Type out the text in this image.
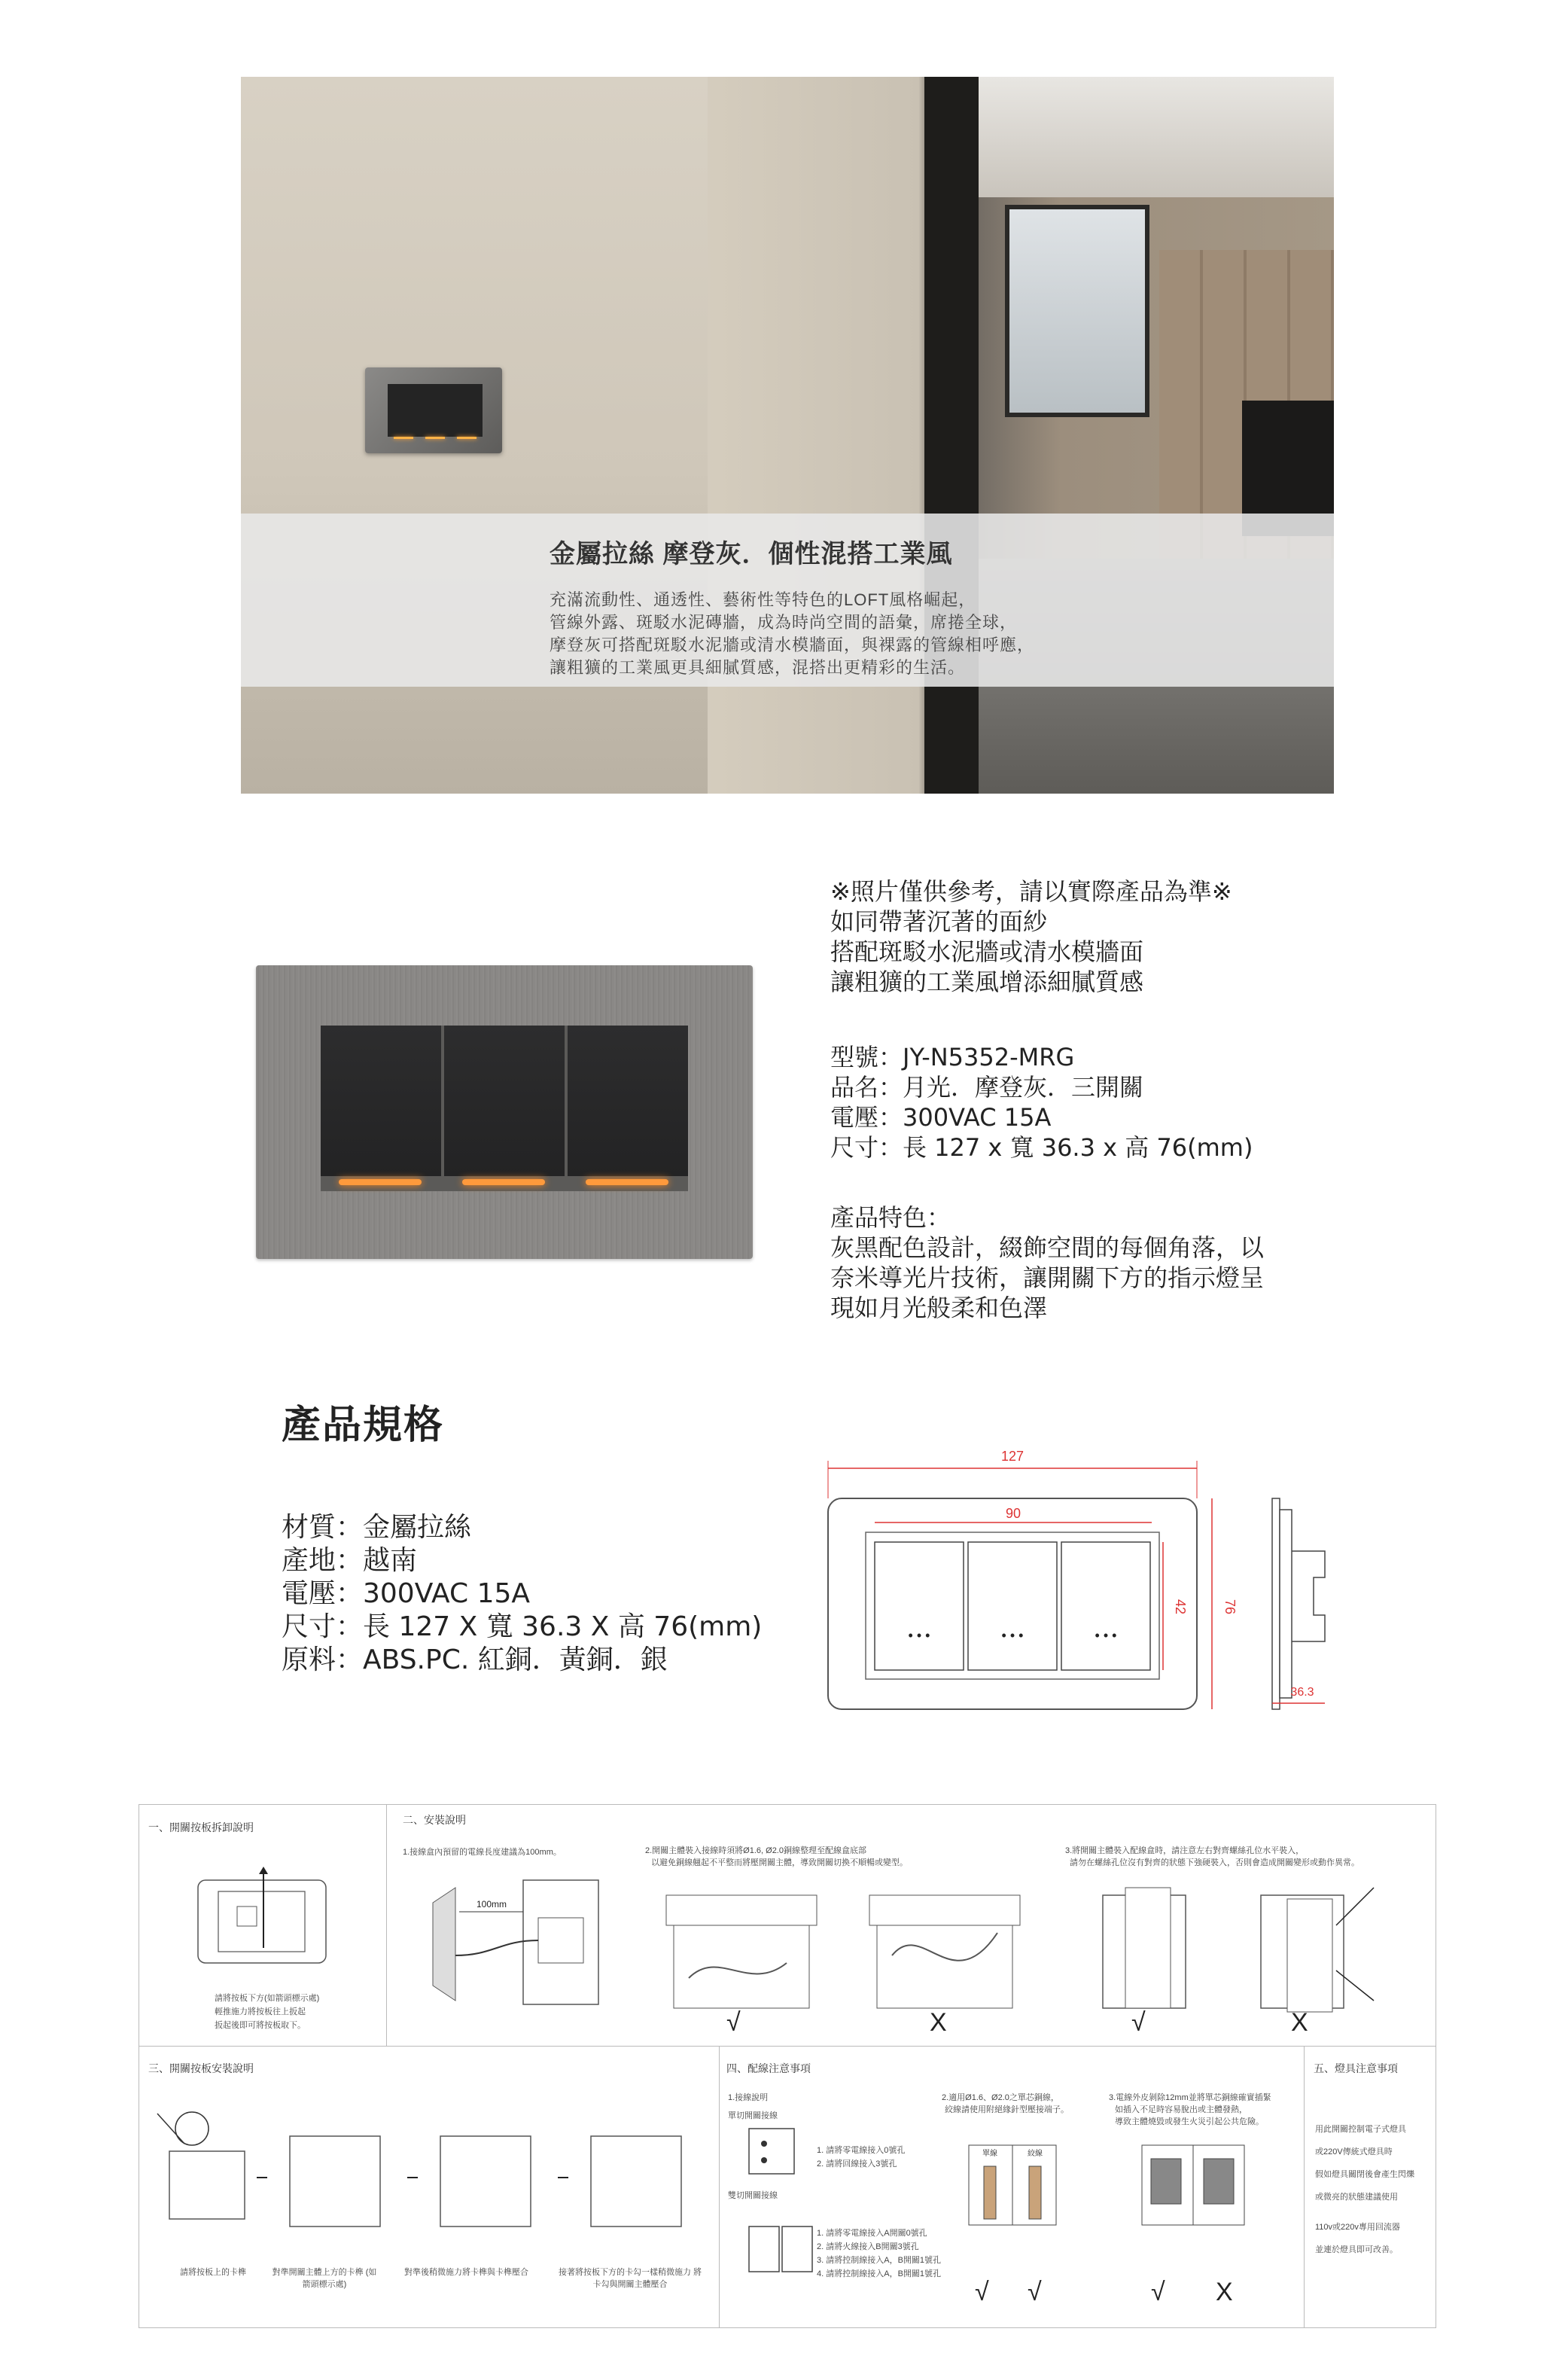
金屬拉絲 摩登灰．個性混搭工業風

充滿流動性、通透性、藝術性等特色的LOFT風格崛起，

管線外露、斑駁水泥磚牆，成為時尚空間的語彙，席捲全球，

摩登灰可搭配斑駁水泥牆或清水模牆面，與裸露的管線相呼應，

讓粗獷的工業風更具細膩質感，混搭出更精彩的生活。

※照片僅供參考，請以實際產品為準※

如同帶著沉著的面紗

搭配斑駁水泥牆或清水模牆面

讓粗獷的工業風增添細膩質感

型號：JY-N5352-MRG

品名：月光．摩登灰．三開關

電壓：300VAC 15A

尺寸：長 127 x 寬 36.3 x 高 76(mm)

產品特色：

灰黑配色設計，綴飾空間的每個角落，以

奈米導光片技術，讓開關下方的指示燈呈

現如月光般柔和色澤

產品規格

材質：金屬拉絲

產地：越南

電壓：300VAC 15A

尺寸：長 127 X 寬 36.3 X 高 76(mm)

原料：ABS.PC. 紅銅．黃銅．銀

127
90
• • •	• • •	• • •
42	76
36.3

一、開關按板拆卸說明

請將按板下方(如箭頭標示處)

輕推施力將按板往上扳起

扳起後即可將按板取下。

二、安裝說明

1.接線盒內預留的電線長度建議為100mm。

100mm

2.開關主體裝入接線時須將Ø1.6, Ø2.0銅線整理至配線盒底部

以避免銅線翹起不平整而將壓開關主體，導致開關切換不順暢或變型。

√	X

3.將開關主體裝入配線盒時，請注意左右對齊螺絲孔位水平裝入，

請勿在螺絲孔位沒有對齊的狀態下強硬裝入，否則會造成開關變形或動作異常。

√	X

三、開關按板安裝說明

請將按板上的卡榫	對準開關主體上方的卡榫 (如箭頭標示處)

對準後稍微施力將卡榫與卡榫壓合	接著將按板下方的卡勾一樣稍微施力 將卡勾與開關主體壓合

四、配線注意事項

1.接線說明

單切開關接線

1. 請將零電線接入0號孔

2. 請將回線接入3號孔

雙切開關接線

1. 請將零電線接入A開關0號孔

2. 請將火線接入B開關3號孔

3. 請將控制線接入A，B開關1號孔

4. 請將控制線接入A，B開關1號孔

2.適用Ø1.6、Ø2.0之單芯銅線，

絞線請使用附絕緣針型壓接端子。

單線	絞線
√ √

3.電線外皮剝除12mm並將單芯銅線確實插緊

如插入不足時容易脫出或主體發熱，

導致主體燒毀或發生火災引起公共危險。

√ X

五、燈具注意事項

用此開關控制電子式燈具

或220V傳統式燈具時

假如燈具關閉後會產生閃爍

或微亮的狀態建議使用

110v或220v專用回流器

並連於燈具即可改善。
